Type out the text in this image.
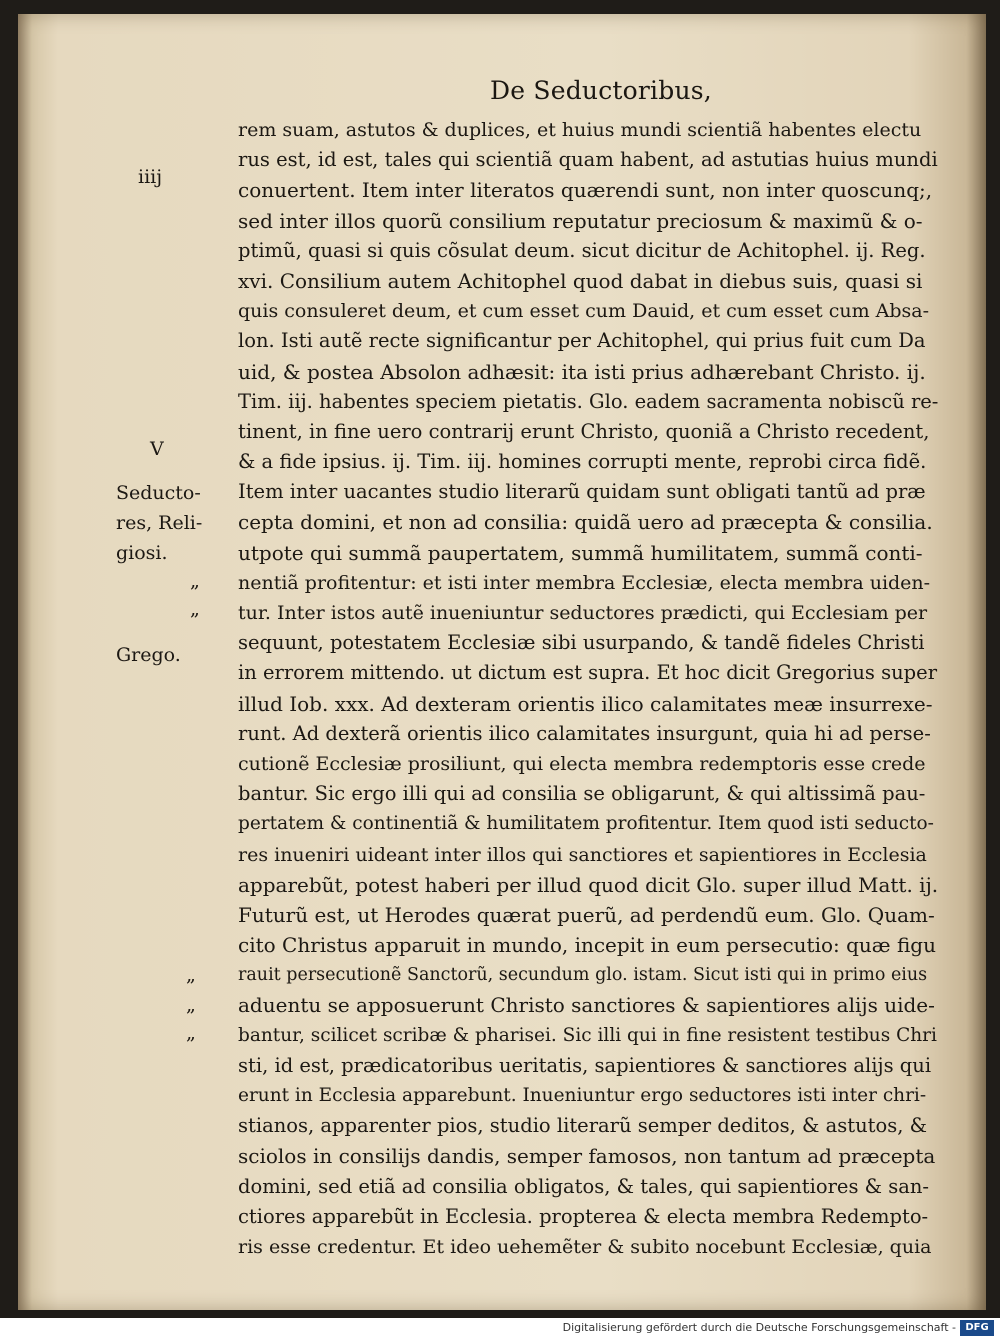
De Seductoribus,
rem suam, astutos & duplices, et huius mundi scientiã habentes electu
rus est, id est, tales qui scientiã quam habent, ad astutias huius mundi
conuertent. Item inter literatos quærendi sunt, non inter quoscunq;,
sed inter illos quorũ consilium reputatur preciosum & maximũ & o-
ptimũ, quasi si quis cõsulat deum. sicut dicitur de Achitophel. ij. Reg.
xvi. Consilium autem Achitophel quod dabat in diebus suis, quasi si
quis consuleret deum, et cum esset cum Dauid, et cum esset cum Absa-
lon. Isti autẽ recte significantur per Achitophel, qui prius fuit cum Da
uid, & postea Absolon adhæsit: ita isti prius adhærebant Christo. ij.
Tim. iij. habentes speciem pietatis. Glo. eadem sacramenta nobiscũ re-
tinent, in fine uero contrarij erunt Christo, quoniã a Christo recedent,
& a fide ipsius. ij. Tim. iij. homines corrupti mente, reprobi circa fidẽ.
Item inter uacantes studio literarũ quidam sunt obligati tantũ ad præ
cepta domini, et non ad consilia: quidã uero ad præcepta & consilia.
utpote qui summã paupertatem, summã humilitatem, summã conti-
nentiã profitentur: et isti inter membra Ecclesiæ, electa membra uiden-
tur. Inter istos autẽ inueniuntur seductores prædicti, qui Ecclesiam per
sequunt, potestatem Ecclesiæ sibi usurpando, & tandẽ fideles Christi
in errorem mittendo. ut dictum est supra. Et hoc dicit Gregorius super
illud Iob. xxx. Ad dexteram orientis ilico calamitates meæ insurrexe-
runt. Ad dexterã orientis ilico calamitates insurgunt, quia hi ad perse-
cutionẽ Ecclesiæ prosiliunt, qui electa membra redemptoris esse crede
bantur. Sic ergo illi qui ad consilia se obligarunt, & qui altissimã pau-
pertatem & continentiã & humilitatem profitentur. Item quod isti seducto-
res inueniri uideant inter illos qui sanctiores et sapientiores in Ecclesia
apparebũt, potest haberi per illud quod dicit Glo. super illud Matt. ij.
Futurũ est, ut Herodes quærat puerũ, ad perdendũ eum. Glo. Quam-
cito Christus apparuit in mundo, incepit in eum persecutio: quæ figu
rauit persecutionẽ Sanctorũ, secundum glo. istam. Sicut isti qui in primo eius
aduentu se apposuerunt Christo sanctiores & sapientiores alijs uide-
bantur, scilicet scribæ & pharisei. Sic illi qui in fine resistent testibus Chri
sti, id est, prædicatoribus ueritatis, sapientiores & sanctiores alijs qui
erunt in Ecclesia apparebunt. Inueniuntur ergo seductores isti inter chri-
stianos, apparenter pios, studio literarũ semper deditos, & astutos, &
sciolos in consilijs dandis, semper famosos, non tantum ad præcepta
domini, sed etiã ad consilia obligatos, & tales, qui sapientiores & san-
ctiores apparebũt in Ecclesia. propterea & electa membra Redempto-
ris esse credentur. Et ideo uehemẽter & subito nocebunt Ecclesiæ, quia
iiij
V
Seducto-
res, Reli-
giosi.
„
„
Grego.
„
„
„
Digitalisierung gefördert durch die Deutsche Forschungsgemeinschaft - DFG
